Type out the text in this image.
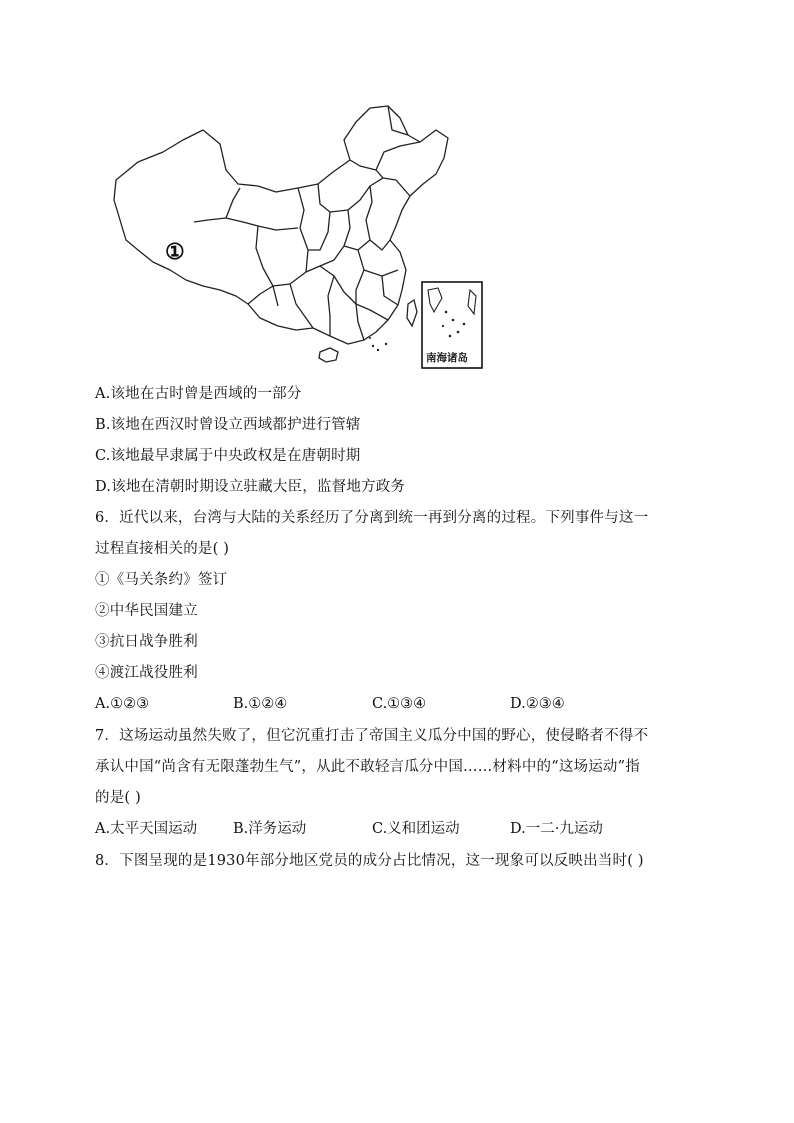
①
南海诸岛
A.该地在古时曾是西域的一部分
B.该地在西汉时曾设立西域都护进行管辖
C.该地最早隶属于中央政权是在唐朝时期
D.该地在清朝时期设立驻藏大臣，监督地方政务
6．近代以来，台湾与大陆的关系经历了分离到统一再到分离的过程。下列事件与这一
过程直接相关的是( )
①《马关条约》签订
②中华民国建立
③抗日战争胜利
④渡江战役胜利
A.①②③	B.①②④	C.①③④	D.②③④
7．这场运动虽然失败了，但它沉重打击了帝国主义瓜分中国的野心，使侵略者不得不
承认中国“尚含有无限蓬勃生气”，从此不敢轻言瓜分中国……材料中的“这场运动”指
的是( )
A.太平天国运动 B.洋务运动	C.义和团运动	D.一二·九运动
8．下图呈现的是1930年部分地区党员的成分占比情况，这一现象可以反映出当时( )
